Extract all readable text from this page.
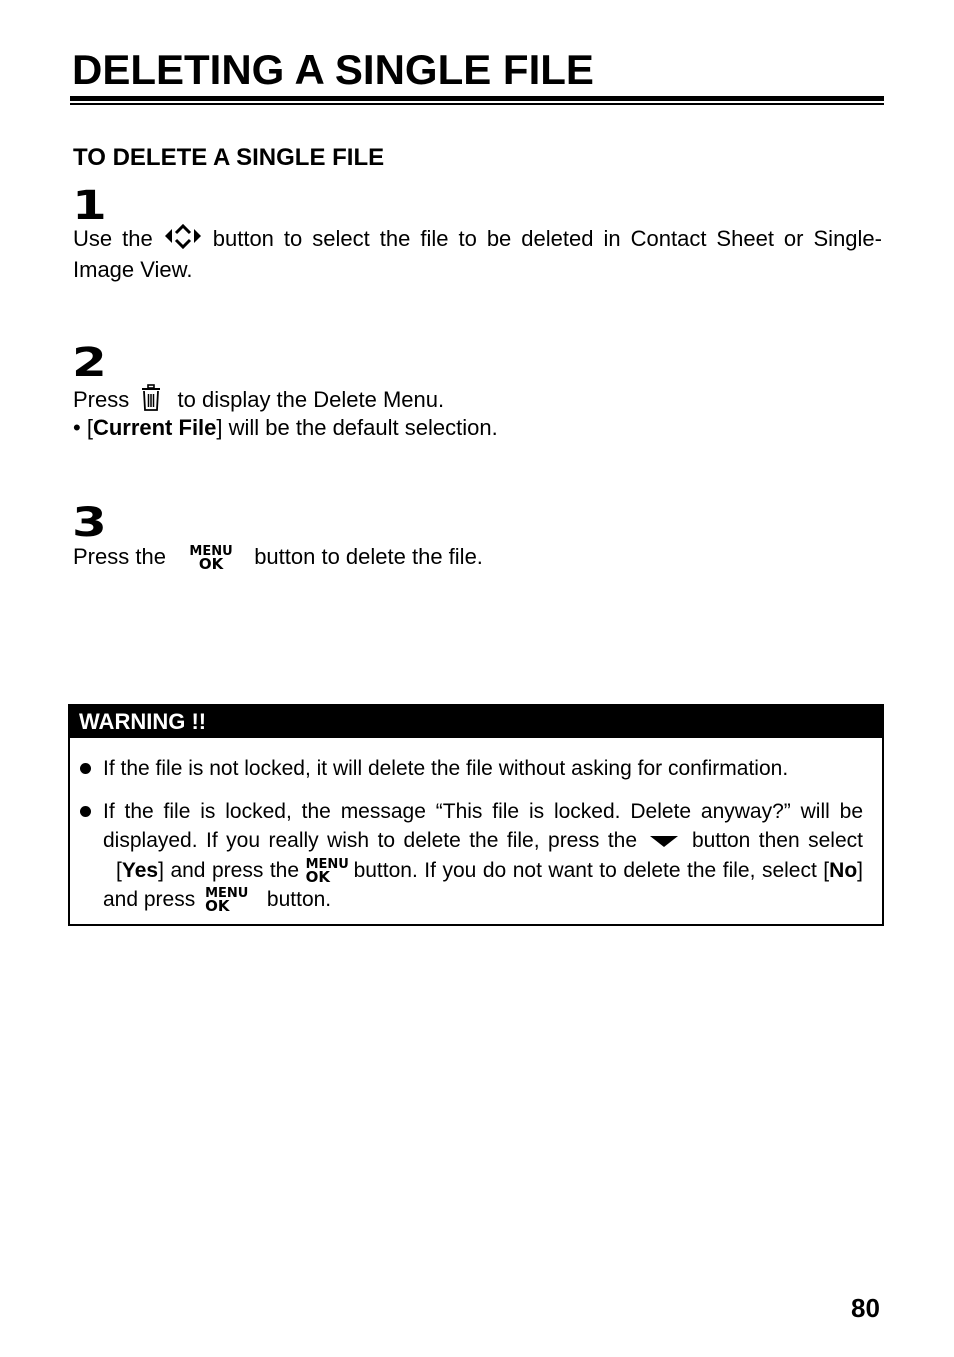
DELETING A SINGLE FILE
TO DELETE A SINGLE FILE
1
Use the	button to select the file to be deleted in Contact Sheet or Single-Image View.
2
Press to display the Delete Menu.
• [Current File] will be the default selection.
3
Press the MENU
OK	button to delete the file.
WARNING !!
If the file is not locked, it will delete the file without asking for confirmation.
If the file is locked, the message “This file is locked. Delete anyway?” will be displayed. If you really wish to delete the file, press the	button then select   [Yes] and press the MENU
OK	button. If you do not want to delete the file, select [No] and press MENU
OK	button.
80
